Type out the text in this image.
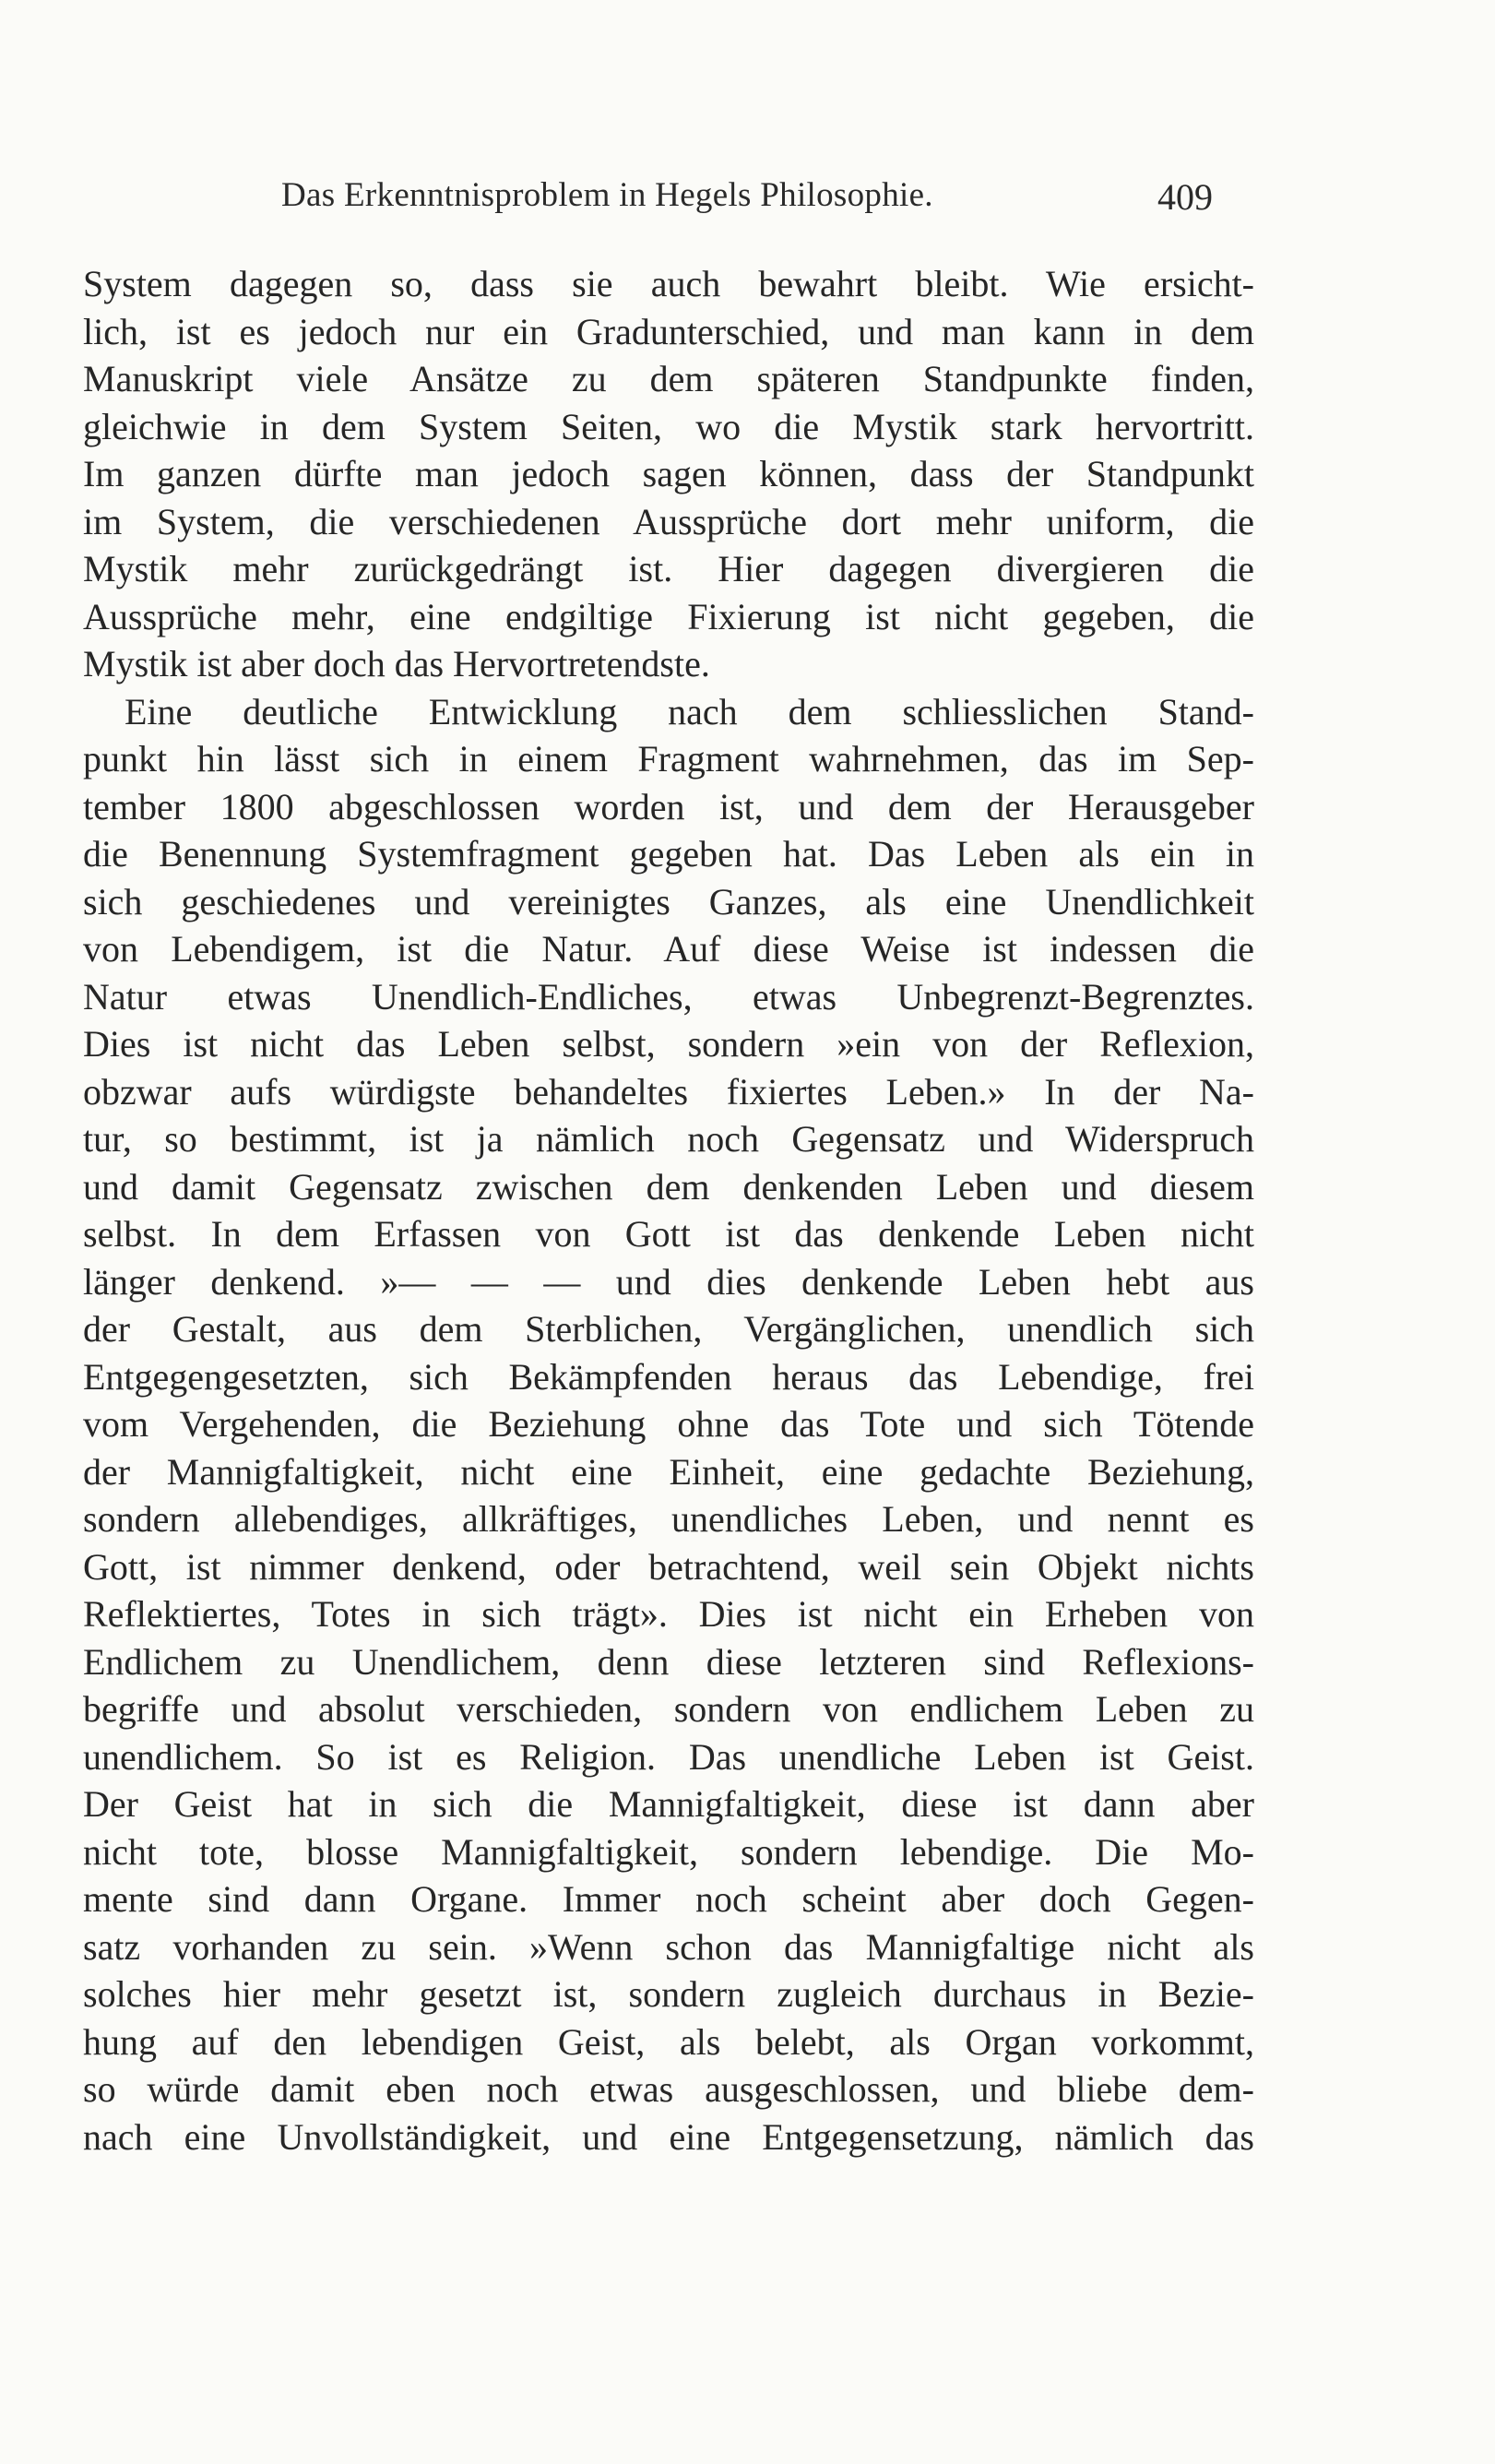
Das Erkenntnisproblem in Hegels Philosophie.	409
System dagegen so, dass sie auch bewahrt bleibt. Wie ersicht-
lich, ist es jedoch nur ein Gradunterschied, und man kann in dem
Manuskript viele Ansätze zu dem späteren Standpunkte finden,
gleichwie in dem System Seiten, wo die Mystik stark hervortritt.
Im ganzen dürfte man jedoch sagen können, dass der Standpunkt
im System, die verschiedenen Aussprüche dort mehr uniform, die
Mystik mehr zurückgedrängt ist. Hier dagegen divergieren die
Aussprüche mehr, eine endgiltige Fixierung ist nicht gegeben, die
Mystik ist aber doch das Hervortretendste.
Eine deutliche Entwicklung nach dem schliesslichen Stand-
punkt hin lässt sich in einem Fragment wahrnehmen, das im Sep-
tember 1800 abgeschlossen worden ist, und dem der Herausgeber
die Benennung Systemfragment gegeben hat. Das Leben als ein in
sich geschiedenes und vereinigtes Ganzes, als eine Unendlichkeit
von Lebendigem, ist die Natur. Auf diese Weise ist indessen die
Natur etwas Unendlich-Endliches, etwas Unbegrenzt-Begrenztes.
Dies ist nicht das Leben selbst, sondern »ein von der Reflexion,
obzwar aufs würdigste behandeltes fixiertes Leben.» In der Na-
tur, so bestimmt, ist ja nämlich noch Gegensatz und Widerspruch
und damit Gegensatz zwischen dem denkenden Leben und diesem
selbst. In dem Erfassen von Gott ist das denkende Leben nicht
länger denkend. »— — — und dies denkende Leben hebt aus
der Gestalt, aus dem Sterblichen, Vergänglichen, unendlich sich
Entgegengesetzten, sich Bekämpfenden heraus das Lebendige, frei
vom Vergehenden, die Beziehung ohne das Tote und sich Tötende
der Mannigfaltigkeit, nicht eine Einheit, eine gedachte Beziehung,
sondern allebendiges, allkräftiges, unendliches Leben, und nennt es
Gott, ist nimmer denkend, oder betrachtend, weil sein Objekt nichts
Reflektiertes, Totes in sich trägt». Dies ist nicht ein Erheben von
Endlichem zu Unendlichem, denn diese letzteren sind Reflexions-
begriffe und absolut verschieden, sondern von endlichem Leben zu
unendlichem. So ist es Religion. Das unendliche Leben ist Geist.
Der Geist hat in sich die Mannigfaltigkeit, diese ist dann aber
nicht tote, blosse Mannigfaltigkeit, sondern lebendige. Die Mo-
mente sind dann Organe. Immer noch scheint aber doch Gegen-
satz vorhanden zu sein. »Wenn schon das Mannigfaltige nicht als
solches hier mehr gesetzt ist, sondern zugleich durchaus in Bezie-
hung auf den lebendigen Geist, als belebt, als Organ vorkommt,
so würde damit eben noch etwas ausgeschlossen, und bliebe dem-
nach eine Unvollständigkeit, und eine Entgegensetzung, nämlich das
